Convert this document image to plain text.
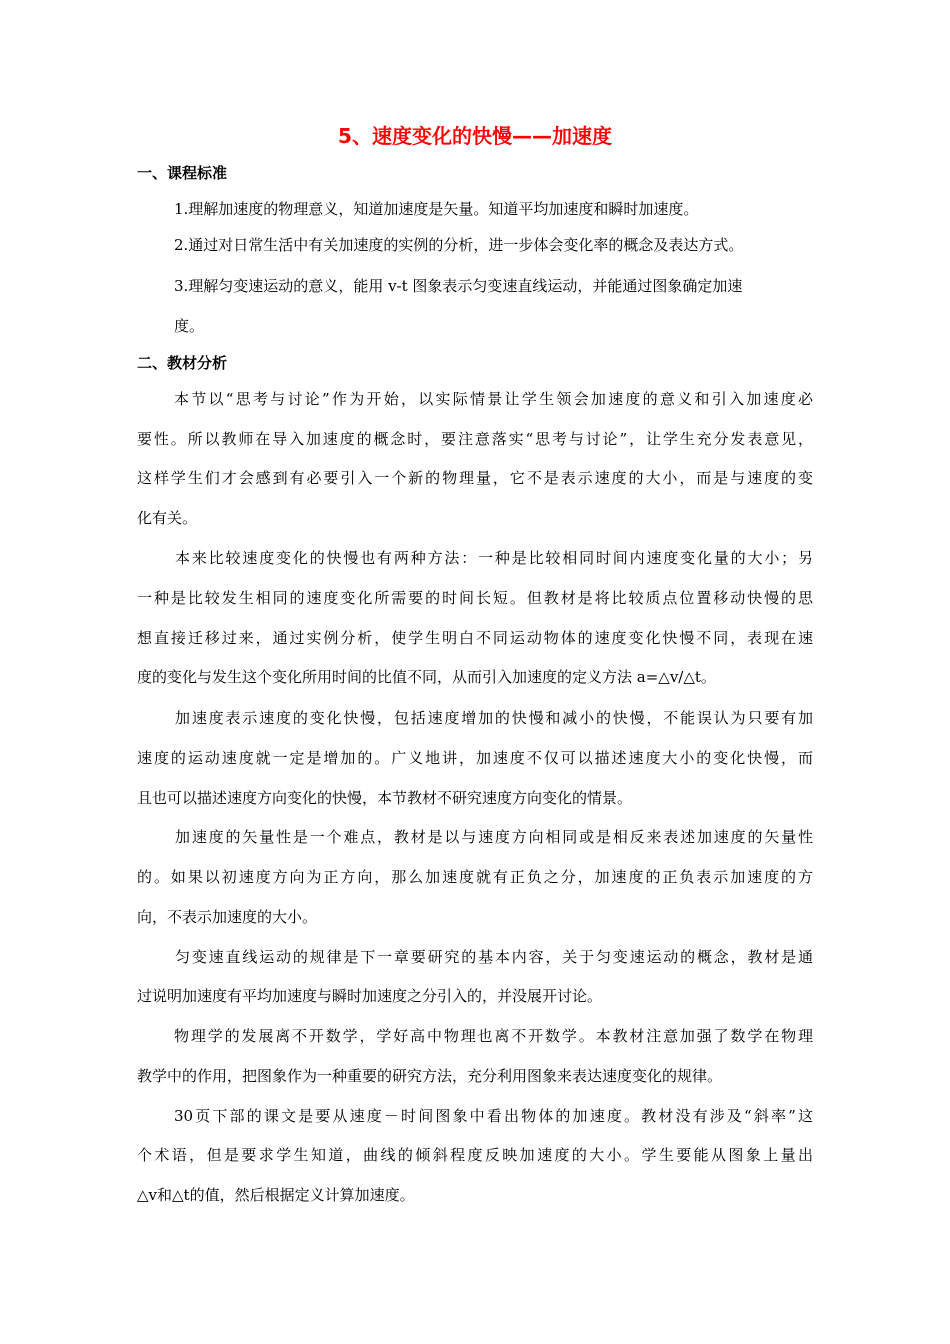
5、速度变化的快慢——加速度
一、课程标准
1.理解加速度的物理意义，知道加速度是矢量。知道平均加速度和瞬时加速度。
2.通过对日常生活中有关加速度的实例的分析，进一步体会变化率的概念及表达方式。
3.理解匀变速运动的意义，能用 v-t 图象表示匀变速直线运动，并能通过图象确定加速
度。
二、教材分析
本节以“思考与讨论”作为开始，以实际情景让学生领会加速度的意义和引入加速度必
要性。所以教师在导入加速度的概念时，要注意落实“思考与讨论”，让学生充分发表意见，
这样学生们才会感到有必要引入一个新的物理量，它不是表示速度的大小，而是与速度的变
化有关。
本来比较速度变化的快慢也有两种方法：一种是比较相同时间内速度变化量的大小；另
一种是比较发生相同的速度变化所需要的时间长短。但教材是将比较质点位置移动快慢的思
想直接迁移过来，通过实例分析，使学生明白不同运动物体的速度变化快慢不同，表现在速
度的变化与发生这个变化所用时间的比值不同，从而引入加速度的定义方法 a=△v/△t。
加速度表示速度的变化快慢，包括速度增加的快慢和减小的快慢，不能误认为只要有加
速度的运动速度就一定是增加的。广义地讲，加速度不仅可以描述速度大小的变化快慢，而
且也可以描述速度方向变化的快慢，本节教材不研究速度方向变化的情景。
加速度的矢量性是一个难点，教材是以与速度方向相同或是相反来表述加速度的矢量性
的。如果以初速度方向为正方向，那么加速度就有正负之分，加速度的正负表示加速度的方
向，不表示加速度的大小。
匀变速直线运动的规律是下一章要研究的基本内容，关于匀变速运动的概念，教材是通
过说明加速度有平均加速度与瞬时加速度之分引入的，并没展开讨论。
物理学的发展离不开数学，学好高中物理也离不开数学。本教材注意加强了数学在物理
教学中的作用，把图象作为一种重要的研究方法，充分利用图象来表达速度变化的规律。
30页下部的课文是要从速度－时间图象中看出物体的加速度。教材没有涉及“斜率”这
个术语，但是要求学生知道，曲线的倾斜程度反映加速度的大小。学生要能从图象上量出
△v和△t的值，然后根据定义计算加速度。
